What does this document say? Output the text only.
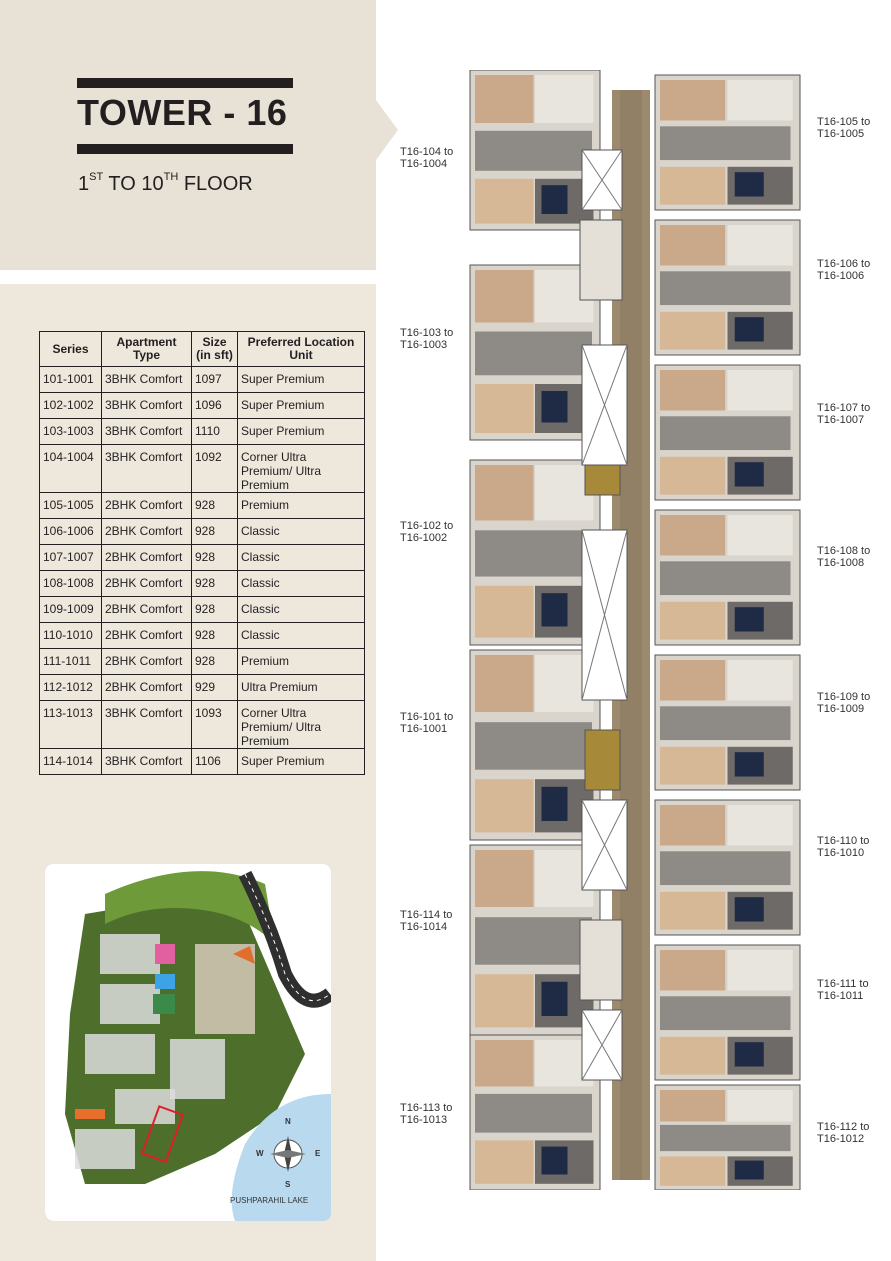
TOWER - 16
1ST TO 10TH FLOOR
Series	Apartment Type	Size (in sft)	Preferred Location Unit
101-1001	3BHK Comfort	1097	Super Premium
102-1002	3BHK Comfort	1096	Super Premium
103-1003	3BHK Comfort	1110	Super Premium
104-1004	3BHK Comfort	1092	Corner Ultra Premium/ Ultra Premium
105-1005	2BHK Comfort	928	Premium
106-1006	2BHK Comfort	928	Classic
107-1007	2BHK Comfort	928	Classic
108-1008	2BHK Comfort	928	Classic
109-1009	2BHK Comfort	928	Classic
110-1010	2BHK Comfort	928	Classic
111-1011	2BHK Comfort	928	Premium
112-1012	2BHK Comfort	929	Ultra Premium
113-1013	3BHK Comfort	1093	Corner Ultra Premium/ Ultra Premium
114-1014	3BHK Comfort	1106	Super Premium
N
S
W	E
PUSHPARAHIL LAKE
T16-104 to
T16-1004
T16-103 to
T16-1003
T16-102 to
T16-1002
T16-101 to
T16-1001
T16-114 to
T16-1014
T16-113 to
T16-1013
T16-105 to
T16-1005
T16-106 to
T16-1006
T16-107 to
T16-1007
T16-108 to
T16-1008
T16-109 to
T16-1009
T16-110 to
T16-1010
T16-111 to
T16-1011
T16-112 to
T16-1012
